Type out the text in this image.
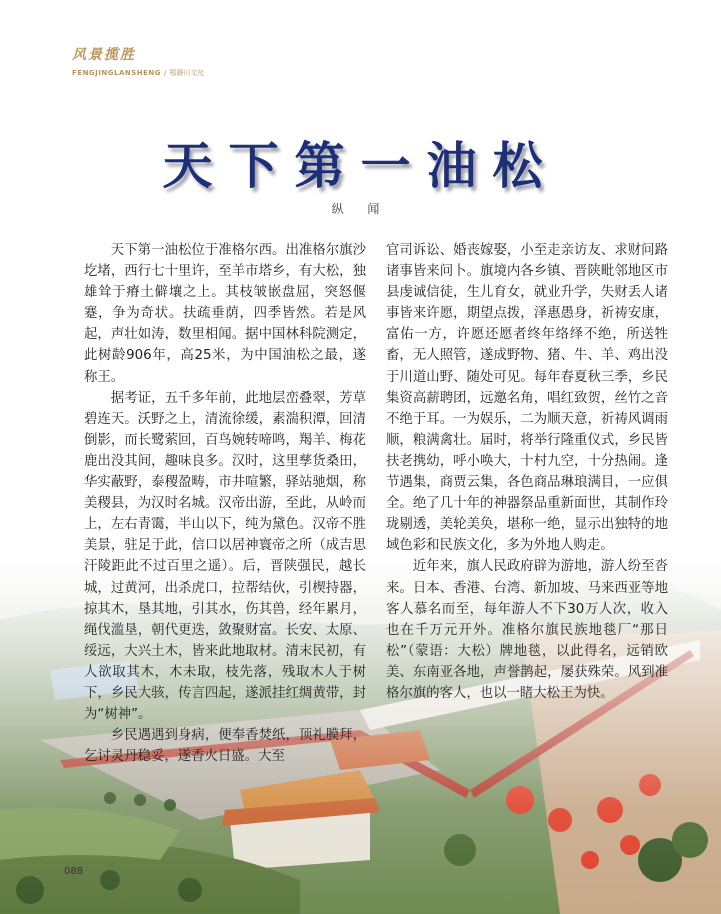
风景揽胜
FENGJINGLANSHENG / 鄂静川文化
天下第一油松
纵 闻

天下第一油松位于准格尔西。出准格尔旗沙圪堵，西行七十里许，至羊市塔乡，有大松，独雄耸于瘠土僻壤之上。其枝皱嵌盘屈，突怒偃蹇，争为奇状。扶疏垂荫，四季皆然。若是风起，声壮如涛，数里相闻。据中国林科院测定，此树龄906年，高25米，为中国油松之最，遂称王。

据考证，五千多年前，此地层峦叠翠，芳草碧连天。沃野之上，清流徐缓，素湍积潭，回清倒影，而长鹭萦回，百鸟婉转啼鸣，羯羊、梅花鹿出没其间，趣味良多。汉时，这里孳货桑田，华实蔽野，泰稷盈畴，市井喧繁，驿站驰烟，称美稷县，为汉时名城。汉帝出游，至此，从岭而上，左右青霭，半山以下，纯为黛色。汉帝不胜美景，驻足于此，信口以居神寰帝之所（成吉思汗陵距此不过百里之遥）。后，晋陕强民，越长城，过黄河，出杀虎口，拉帮结伙，引楔持器，掠其木，垦其地，引其水，伤其兽，经年累月，绳伐滥垦，朝代更迭，敛聚财富。长安、太原、绥远，大兴土木，皆来此地取材。清末民初，有人欲取其木，木未取，枝先落，残取木人于树下，乡民大骇，传言四起，遂派挂红绸黄带，封为“树神”。

乡民遇遇到身病，便奉香焚纸，顶礼膜拜，乞讨灵丹稳妥，遂香火日盛。大至

官司诉讼、婚丧嫁娶，小至走亲访友、求财问路诸事皆来问卜。旗境内各乡镇、晋陕毗邻地区市县虔诚信徒，生儿育女，就业升学，失财丢人诸事皆来许愿，期望点拨，泽惠愚身，祈祷安康，富佑一方，许愿还愿者终年络绎不绝，所送牲畜，无人照管，遂成野物、猪、牛、羊、鸡出没于川道山野、随处可见。每年春夏秋三季，乡民集资高薪聘团，远邀名角，唱红致贺，丝竹之音不绝于耳。一为娱乐，二为顺天意，祈祷风调雨顺，粮满禽壮。届时，将举行隆重仪式，乡民皆扶老携幼，呼小唤大，十村九空，十分热闹。逢节遇集，商贾云集，各色商品琳琅满目，一应俱全。绝了几十年的神器祭品重新面世，其制作玲珑剔透，美轮美奂，堪称一绝，显示出独特的地域色彩和民族文化，多为外地人购走。

近年来，旗人民政府辟为游地，游人纷至沓来。日本、香港、台湾、新加坡、马来西亚等地客人慕名而至，每年游人不下30万人次，收入也在千万元开外。准格尔旗民族地毯厂“那日松”（蒙语：大松）牌地毯，以此得名，远销欧美、东南亚各地，声誉鹊起，屡获殊荣。风到准格尔旗的客人，也以一睹大松王为快。

088
